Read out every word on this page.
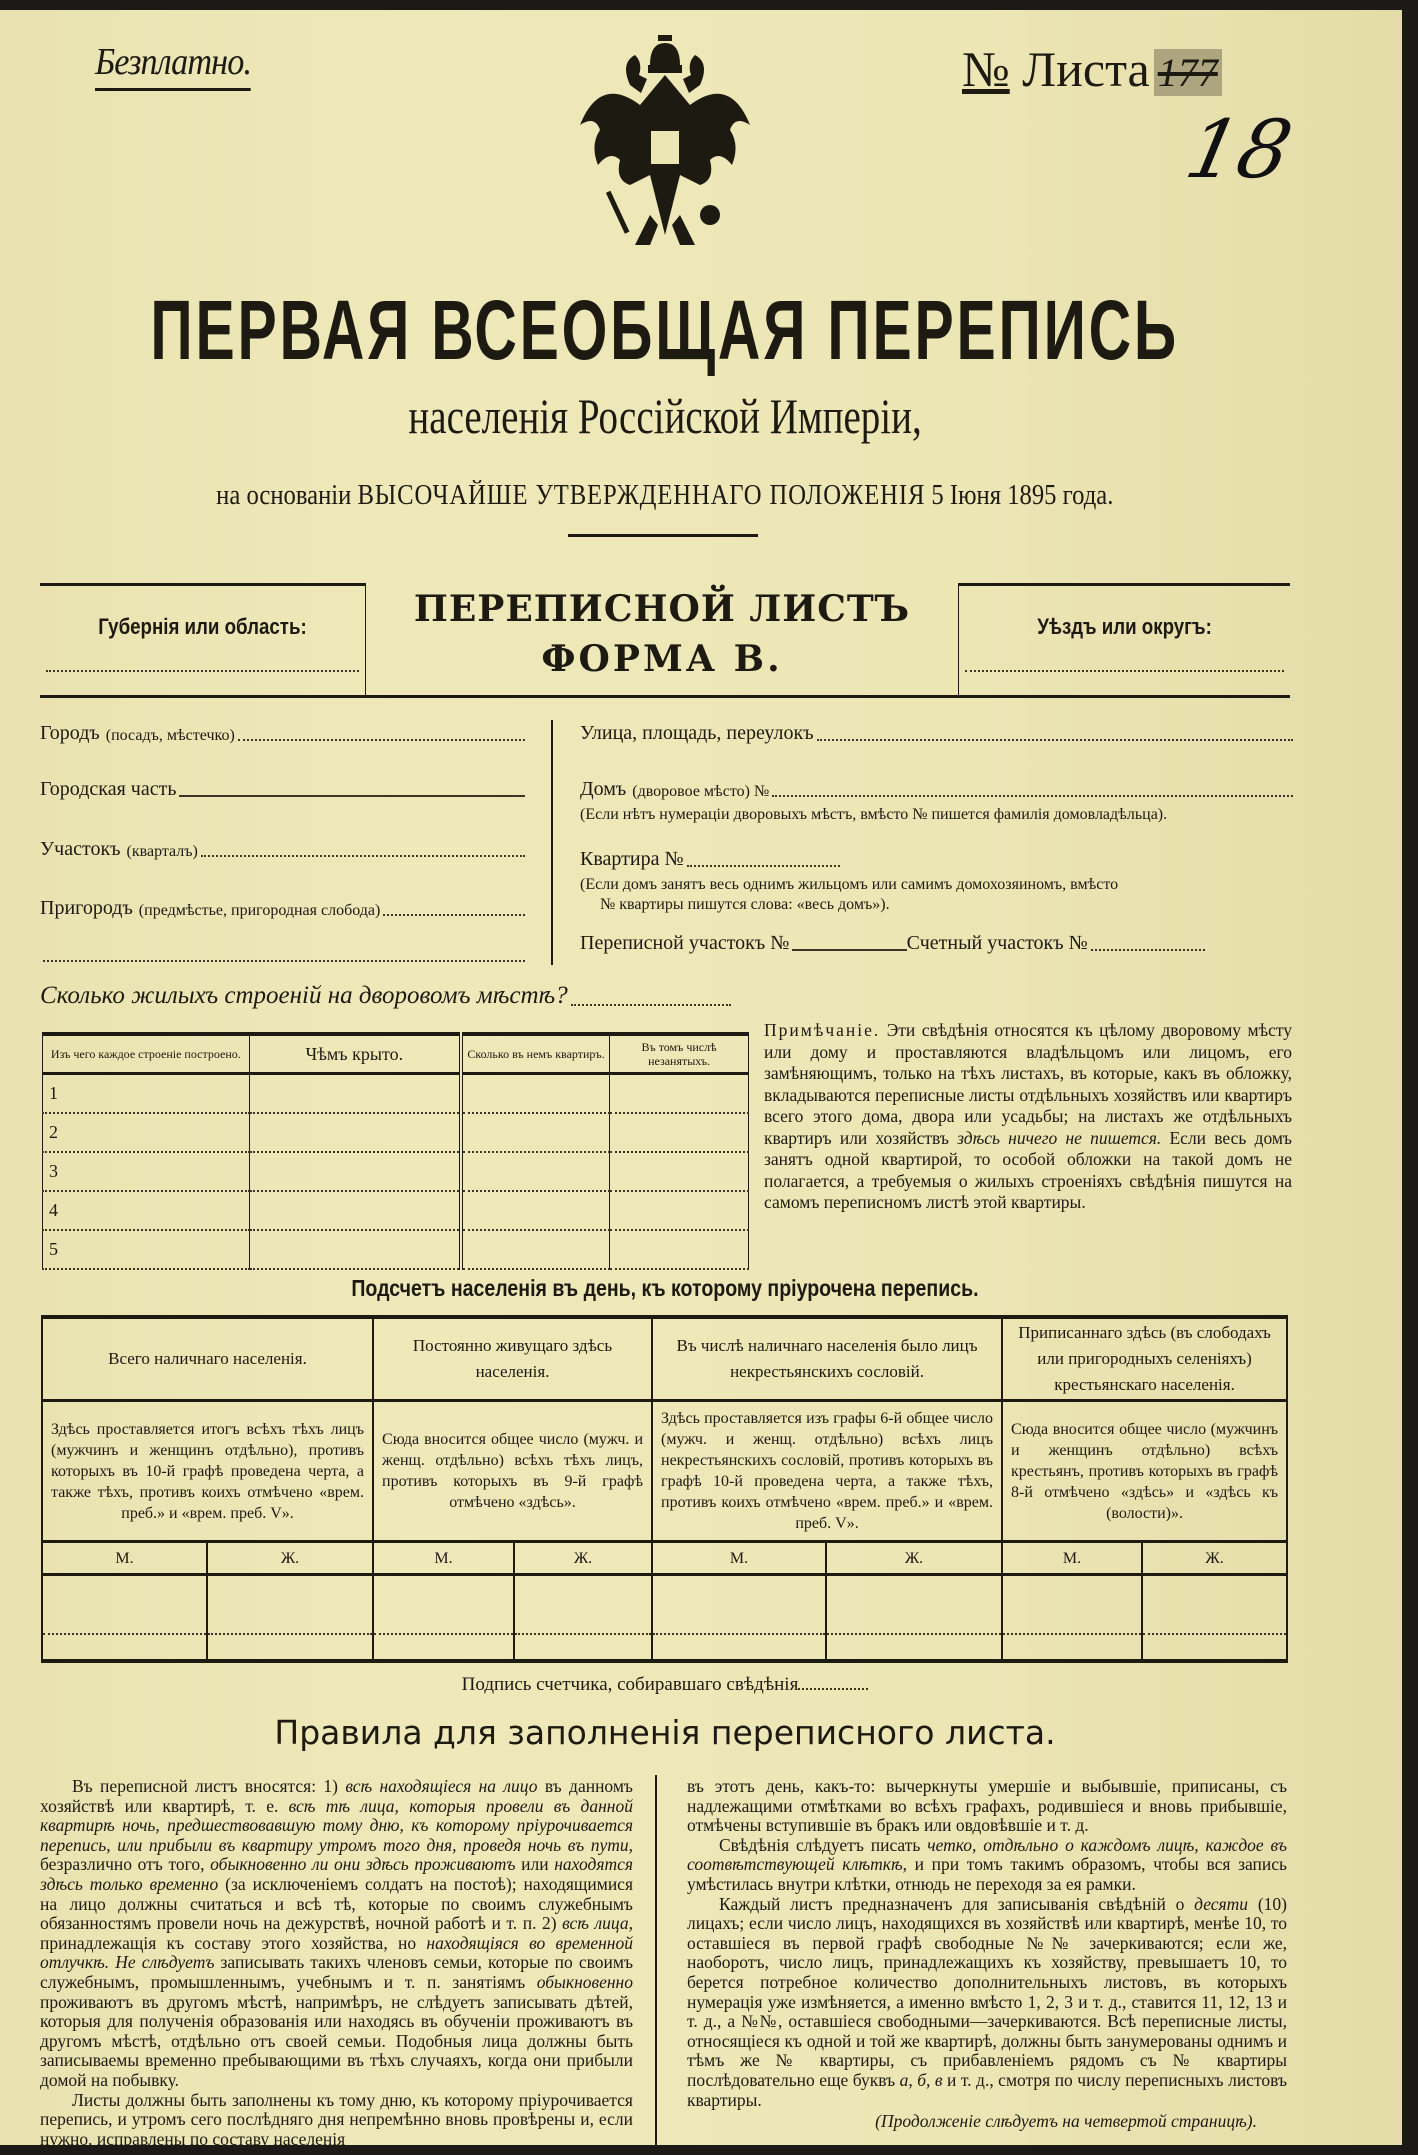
Безплатно.	№ Листа 177
18
ПЕРВАЯ ВСЕОБЩАЯ ПЕРЕПИСЬ
населенія Россійской Имперіи,
на основаніи ВЫСОЧАЙШЕ УТВЕРЖДЕННАГО ПОЛОЖЕНІЯ 5 Іюня 1895 года.
Губернія или область:	ПЕРЕПИСНОЙ ЛИСТЪ
ФОРМА В.
Уѣздъ или округъ:
Городъ (посадъ, мѣстечко)
Городская часть
Участокъ (кварталъ)
Пригородъ (предмѣстье, пригородная слобода)
Улица, площадь, переулокъ
Домъ (дворовое мѣсто) №
(Если нѣтъ нумераціи дворовыхъ мѣстъ, вмѣсто № пишется фамилія домовладѣльца).
Квартира №
(Если домъ занятъ весь однимъ жильцомъ или самимъ домохозяиномъ, вмѣсто
№ квартиры пишутся слова: «весь домъ»).
Переписной участокъ №	Счетный участокъ №
Сколько жилыхъ строеній на дворовомъ мѣстѣ?
Изъ чего каждое строеніе построено.	Чѣмъ крыто.	Сколько въ немъ квартиръ.	Въ томъ числѣ незанятыхъ.
1			
2			
3			
4			
5			
Примѣчаніе. Эти свѣдѣнія относятся къ цѣлому дворовому мѣсту или дому и проставляются владѣльцомъ или лицомъ, его замѣняющимъ, только на тѣхъ листахъ, въ которые, какъ въ обложку, вкладываются переписные листы отдѣльныхъ хозяйствъ или квартиръ всего этого дома, двора или усадьбы; на листахъ же отдѣльныхъ квартиръ или хозяйствъ здѣсь ничего не пишется. Если весь домъ занятъ одной квартирой, то особой обложки на такой домъ не полагается, а требуемыя о жилыхъ строеніяхъ свѣдѣнія пишутся на самомъ переписномъ листѣ этой квартиры.
Подсчетъ населенія въ день, къ которому пріурочена перепись.
Всего наличнаго населенія.		Постоянно живущаго здѣсь населенія.		Въ числѣ наличнаго населенія было лицъ некрестьянскихъ сословій.		Приписаннаго здѣсь (въ слободахъ или пригородныхъ селеніяхъ) крестьянскаго населенія.	
Здѣсь проставляется итогъ всѣхъ тѣхъ лицъ (мужчинъ и женщинъ отдѣльно), противъ которыхъ въ 10-й графѣ проведена черта, а также тѣхъ, противъ коихъ отмѣчено «врем. преб.» и «врем. преб. V».		Сюда вносится общее число (мужч. и женщ. отдѣльно) всѣхъ тѣхъ лицъ, противъ которыхъ въ 9-й графѣ отмѣчено «здѣсь».		Здѣсь проставляется изъ графы 6-й общее число (мужч. и женщ. отдѣльно) всѣхъ лицъ некрестьянскихъ сословій, противъ которыхъ въ графѣ 10-й проведена черта, а также тѣхъ, противъ коихъ отмѣчено «врем. преб.» и «врем. преб. V».		Сюда вносится общее число (мужчинъ и женщинъ отдѣльно) всѣхъ крестьянъ, противъ которыхъ въ графѣ 8-й отмѣчено «здѣсь» и «здѣсь къ (волости)».	
М.	Ж.	М.	Ж.	М.	Ж.	М.	Ж.

Подпись счетчика, собиравшаго свѣдѣнія
Правила для заполненія переписного листа.

Въ переписной листъ вносятся: 1) всѣ находящіеся на лицо въ данномъ хозяйствѣ или квартирѣ, т. е. всѣ тѣ лица, которыя провели въ данной квартирѣ ночь, предшествовавшую тому дню, къ которому пріурочивается перепись, или прибыли въ квартиру утромъ того дня, проведя ночь въ пути, безразлично отъ того, обыкновенно ли они здѣсь проживаютъ или находятся здѣсь только временно (за исключеніемъ солдатъ на постоѣ); находящимися на лицо должны считаться и всѣ тѣ, которые по своимъ служебнымъ обязанностямъ провели ночь на дежурствѣ, ночной работѣ и т. п. 2) всѣ лица, принадлежащія къ составу этого хозяйства, но находящіяся во временной отлучкѣ. Не слѣдуетъ записывать такихъ членовъ семьи, которые по своимъ служебнымъ, промышленнымъ, учебнымъ и т. п. занятіямъ обыкновенно проживаютъ въ другомъ мѣстѣ, напримѣръ, не слѣдуетъ записывать дѣтей, которыя для полученія образованія или находясь въ обученіи проживаютъ въ другомъ мѣстѣ, отдѣльно отъ своей семьи. Подобныя лица должны быть записываемы временно пребывающими въ тѣхъ случаяхъ, когда они прибыли домой на побывку.

Листы должны быть заполнены къ тому дню, къ которому пріурочивается перепись, и утромъ сего послѣдняго дня непремѣнно вновь провѣрены и, если нужно, исправлены по составу населенія

въ этотъ день, какъ-то: вычеркнуты умершіе и выбывшіе, приписаны, съ надлежащими отмѣтками во всѣхъ графахъ, родившіеся и вновь прибывшіе, отмѣчены вступившіе въ бракъ или овдовѣвшіе и т. д.

Свѣдѣнія слѣдуетъ писать четко, отдѣльно о каждомъ лицѣ, каждое въ соотвѣтствующей клѣткѣ, и при томъ такимъ образомъ, чтобы вся запись умѣстилась внутри клѣтки, отнюдь не переходя за ея рамки.

Каждый листъ предназначенъ для записыванія свѣдѣній о десяти (10) лицахъ; если число лицъ, находящихся въ хозяйствѣ или квартирѣ, менѣе 10, то оставшіеся въ первой графѣ свободные №№ зачеркиваются; если же, наоборотъ, число лицъ, принадлежащихъ къ хозяйству, превышаетъ 10, то берется потребное количество дополнительныхъ листовъ, въ которыхъ нумерація уже измѣняется, а именно вмѣсто 1, 2, 3 и т. д., ставится 11, 12, 13 и т. д., а №№, оставшіеся свободными—зачеркиваются. Всѣ переписные листы, относящіеся къ одной и той же квартирѣ, должны быть занумерованы однимъ и тѣмъ же № квартиры, съ прибавленіемъ рядомъ съ № квартиры послѣдовательно еще буквъ а, б, в и т. д., смотря по числу переписныхъ листовъ квартиры.

(Продолженіе слѣдуетъ на четвертой страницѣ).
